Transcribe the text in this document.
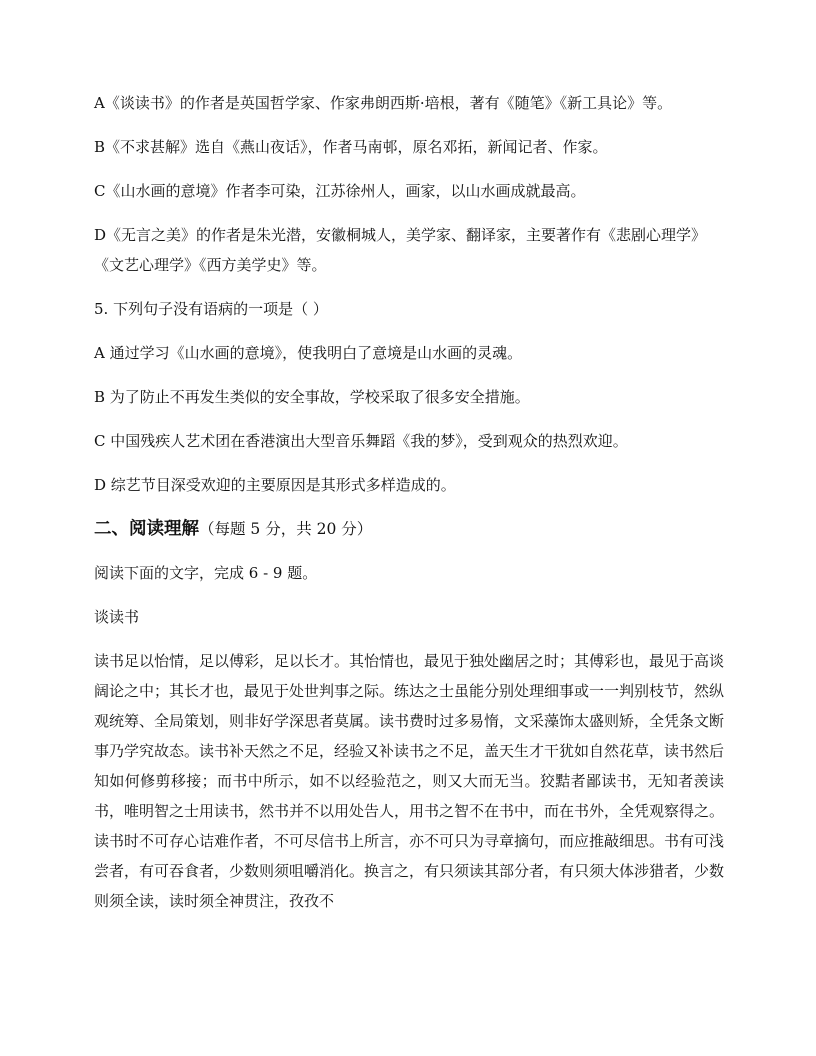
A《谈读书》的作者是英国哲学家、作家弗朗西斯·培根，著有《随笔》《新工具论》等。

B《不求甚解》选自《燕山夜话》，作者马南邨，原名邓拓，新闻记者、作家。

C《山水画的意境》作者李可染，江苏徐州人，画家，以山水画成就最高。

D《无言之美》的作者是朱光潜，安徽桐城人，美学家、翻译家，主要著作有《悲剧心理学》《文艺心理学》《西方美学史》等。

5. 下列句子没有语病的一项是（ ）

A 通过学习《山水画的意境》，使我明白了意境是山水画的灵魂。

B 为了防止不再发生类似的安全事故，学校采取了很多安全措施。

C 中国残疾人艺术团在香港演出大型音乐舞蹈《我的梦》，受到观众的热烈欢迎。

D 综艺节目深受欢迎的主要原因是其形式多样造成的。

二、阅读理解（每题 5 分，共 20 分）

阅读下面的文字，完成 6 - 9 题。

谈读书

读书足以怡情，足以傅彩，足以长才。其怡情也，最见于独处幽居之时；其傅彩也，最见于高谈阔论之中；其长才也，最见于处世判事之际。练达之士虽能分别处理细事或一一判别枝节，然纵观统筹、全局策划，则非好学深思者莫属。读书费时过多易惰，文采藻饰太盛则矫，全凭条文断事乃学究故态。读书补天然之不足，经验又补读书之不足，盖天生才干犹如自然花草，读书然后知如何修剪移接；而书中所示，如不以经验范之，则又大而无当。狡黠者鄙读书，无知者羡读书，唯明智之士用读书，然书并不以用处告人，用书之智不在书中，而在书外，全凭观察得之。读书时不可存心诘难作者，不可尽信书上所言，亦不可只为寻章摘句，而应推敲细思。书有可浅尝者，有可吞食者，少数则须咀嚼消化。换言之，有只须读其部分者，有只须大体涉猎者，少数则须全读，读时须全神贯注，孜孜不
